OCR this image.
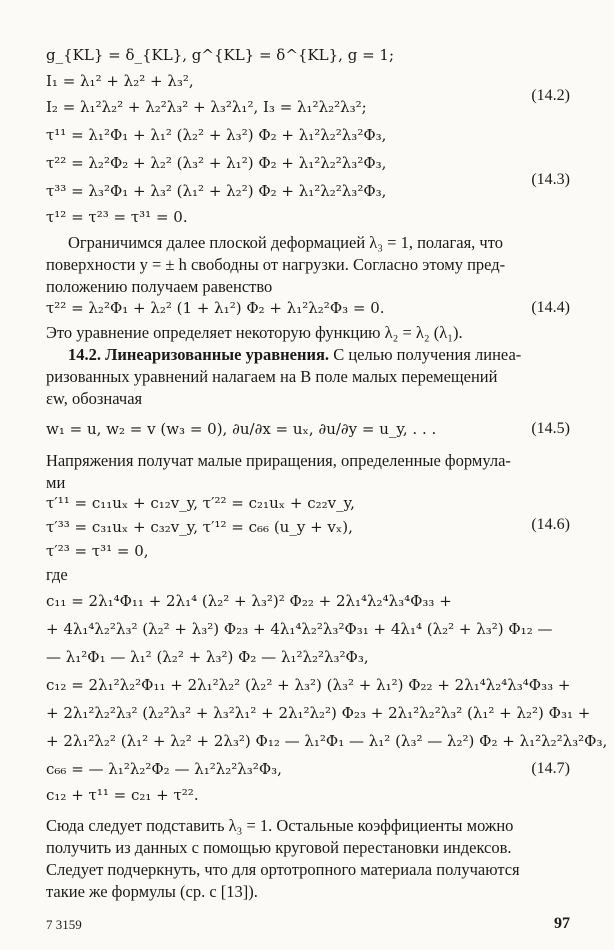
g_{KL} = δ_{KL}, g^{KL} = δ^{KL}, g = 1;
I₁ = λ₁² + λ₂² + λ₃²,
I₂ = λ₁²λ₂² + λ₂²λ₃² + λ₃²λ₁², I₃ = λ₁²λ₂²λ₃²;
(14.2)
τ¹¹ = λ₁²Φ₁ + λ₁² (λ₂² + λ₃²) Φ₂ + λ₁²λ₂²λ₃²Φ₃,
τ²² = λ₂²Φ₂ + λ₂² (λ₃² + λ₁²) Φ₂ + λ₁²λ₂²λ₃²Φ₃,
τ³³ = λ₃²Φ₁ + λ₃² (λ₁² + λ₂²) Φ₂ + λ₁²λ₂²λ₃²Φ₃,
τ¹² = τ²³ = τ³¹ = 0.
(14.3)
Ограничимся далее плоской деформацией λ₃ = 1, полагая, что
поверхности y = ± h свободны от нагрузки. Согласно этому пред-
положению получаем равенство
τ²² = λ₂²Φ₁ + λ₂² (1 + λ₁²) Φ₂ + λ₁²λ₂²Φ₃ = 0.	(14.4)
Это уравнение определяет некоторую функцию λ₂ = λ₂ (λ₁).
14.2. Линеаризованные уравнения. С целью получения линеа-
ризованных уравнений налагаем на B поле малых перемещений
εw, обозначая
w₁ = u, w₂ = v (w₃ = 0), ∂u/∂x = uₓ, ∂u/∂y = u_y, . . .	(14.5)
Напряжения получат малые приращения, определенные формула-
ми
τ′¹¹ = c₁₁uₓ + c₁₂v_y, τ′²² = c₂₁uₓ + c₂₂v_y,
τ′³³ = c₃₁uₓ + c₃₂v_y, τ′¹² = c₆₆ (u_y + vₓ),
τ′²³ = τ³¹ = 0,
(14.6)
где
c₁₁ = 2λ₁⁴Φ₁₁ + 2λ₁⁴ (λ₂² + λ₃²)² Φ₂₂ + 2λ₁⁴λ₂⁴λ₃⁴Φ₃₃ +
+ 4λ₁⁴λ₂²λ₃² (λ₂² + λ₃²) Φ₂₃ + 4λ₁⁴λ₂²λ₃²Φ₃₁ + 4λ₁⁴ (λ₂² + λ₃²) Φ₁₂ —
— λ₁²Φ₁ — λ₁² (λ₂² + λ₃²) Φ₂ — λ₁²λ₂²λ₃²Φ₃,
c₁₂ = 2λ₁²λ₂²Φ₁₁ + 2λ₁²λ₂² (λ₂² + λ₃²) (λ₃² + λ₁²) Φ₂₂ + 2λ₁⁴λ₂⁴λ₃⁴Φ₃₃ +
+ 2λ₁²λ₂²λ₃² (λ₂²λ₃² + λ₃²λ₁² + 2λ₁²λ₂²) Φ₂₃ + 2λ₁²λ₂²λ₃² (λ₁² + λ₂²) Φ₃₁ +
+ 2λ₁²λ₂² (λ₁² + λ₂² + 2λ₃²) Φ₁₂ — λ₁²Φ₁ — λ₁² (λ₃² — λ₂²) Φ₂ + λ₁²λ₂²λ₃²Φ₃,
c₆₆ = — λ₁²λ₂²Φ₂ — λ₁²λ₂²λ₃²Φ₃,
c₁₂ + τ¹¹ = c₂₁ + τ²².
(14.7)
Сюда следует подставить λ₃ = 1. Остальные коэффициенты можно
получить из данных с помощью круговой перестановки индексов.
Следует подчеркнуть, что для ортотропного материала получаются
такие же формулы (ср. с [13]).
7 3159	97
